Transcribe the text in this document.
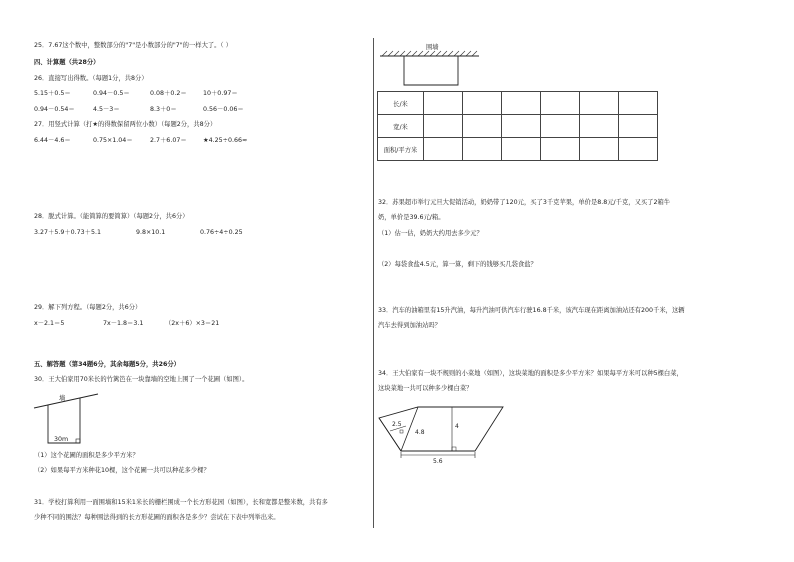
25．7.67这个数中，整数部分的"7"是小数部分的"7"的一样大了。（ ）
四、计算题（共28分）
26．直接写出得数。（每题1分，共8分）
5.15＋0.5＝	0.94－0.5＝	0.08＋0.2＝	10＋0.97＝
0.94－0.54＝	4.5－3＝	8.3＋0＝	0.56－0.06＝
27．用竖式计算（打★的得数保留两位小数）（每题2分，共8分）
6.44－4.6＝	0.75×1.04＝	2.7＋6.07＝	★4.25÷0.66≈
28．脱式计算。（能简算的要简算）（每题2分，共6分）
3.27＋5.9＋0.73＋5.1	9.8×10.1	0.76÷4÷0.25
29．解下列方程。（每题2分，共6分）
x－2.1＝5	7x－1.8＝3.1	（2x＋6）×3＝21
五、解答题（第34题6分，其余每题5分，共26分）
30．王大伯家用70米长的竹篱笆在一块靠墙的空地上围了一个花圃（如图）。
墙
30m
（1）这个花圃的面积是多少平方米？
（2）如果每平方米种花10棵，这个花圃一共可以种花多少棵？
31．学校打算利用一面围墙和15米1米长的栅栏围成一个长方形花园（如图），长和宽都是整米数，共有多
少种不同的围法？每种围法得到的长方形花圃的面积各是多少？尝试在下表中列举出来。
围墙
长/米						
宽/米						
面积/平方米						
32．苏果超市举行元旦大促销活动，奶奶带了120元，买了3千克苹果，单价是8.8元/千克，又买了2箱牛
奶，单价是39.6元/箱。
（1）估一估，奶奶大约用去多少元？
（2）每袋食盐4.5元，算一算，剩下的钱够买几袋食盐？
33．汽车的油箱里有15升汽油，每升汽油可供汽车行驶16.8千米，该汽车现在距离加油站还有200千米，这辆
汽车去得到加油站吗？
34．王大伯家有一块不规则的小菜地（如图），这块菜地的面积是多少平方米？如果每平方米可以种5棵白菜，
这块菜地一共可以种多少棵白菜？
2.5
4.8
4
5.6
